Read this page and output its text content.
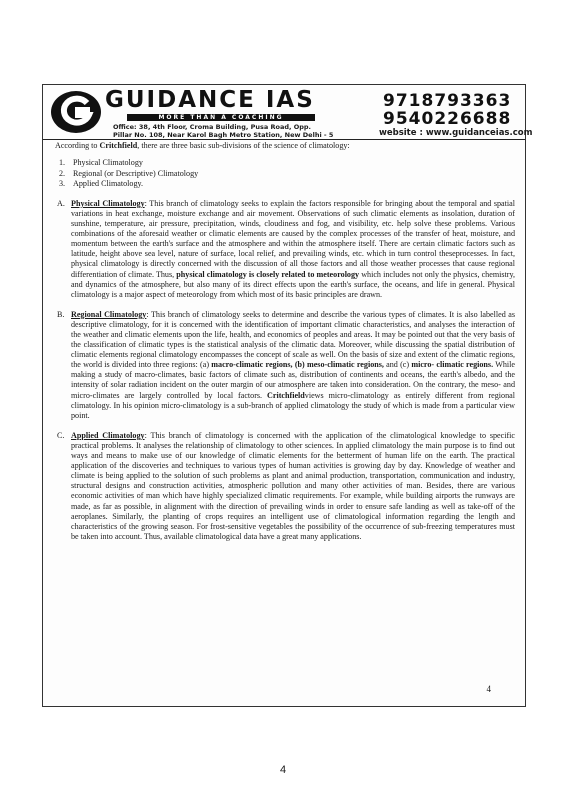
GUIDANCE IAS
MORE THAN A COACHING
Office: 38, 4th Floor, Croma Building, Pusa Road, Opp.
Pillar No. 108, Near Karol Bagh Metro Station, New Delhi - 5
9718793363
9540226688
website : www.guidanceias.com

According to Critchfield, there are three basic sub-divisions of the science of climatology:

1. Physical Climatology
2. Regional (or Descriptive) Climatology
3. Applied Climatology.
A. Physical Climatology: This branch of climatology seeks to explain the factors responsible for bringing about the temporal and spatial variations in heat exchange, moisture exchange and air movement. Observations of such climatic elements as insolation, duration of sunshine, temperature, air pressure, precipitation, winds, cloudiness and fog, and visibility, etc. help solve these problems. Various combinations of the aforesaid weather or climatic elements are caused by the complex processes of the transfer of heat, moisture, and momentum between the earth's surface and the atmosphere and within the atmosphere itself. There are certain climatic factors such as latitude, height above sea level, nature of surface, local relief, and prevailing winds, etc. which in turn control theseprocesses. In fact, physical climatology is directly concerned with the discussion of all those factors and all those weather processes that cause regional differentiation of climate. Thus, physical climatology is closely related to meteorology which includes not only the physics, chemistry, and dynamics of the atmosphere, but also many of its direct effects upon the earth's surface, the oceans, and life in general. Physical climatology is a major aspect of meteorology from which most of its basic principles are drawn.

B. Regional Climatology: This branch of climatology seeks to determine and describe the various types of climates. It is also labelled as descriptive climatology, for it is concerned with the identification of important climatic characteristics, and analyses the interaction of the weather and climatic elements upon the life, health, and economics of peoples and areas. It may be pointed out that the very basis of the classification of climatic types is the statistical analysis of the climatic data. Moreover, while discussing the spatial distribution of climatic elements regional climatology encompasses the concept of scale as well. On the basis of size and extent of the climatic regions, the world is divided into three regions: (a) macro-climatic regions, (b) meso-climatic regions, and (c) micro- climatic regions. While making a study of macro-climates, basic factors of climate such as, distribution of continents and oceans, the earth's albedo, and the intensity of solar radiation incident on the outer margin of our atmosphere are taken into consideration. On the contrary, the meso- and micro-climates are largely controlled by local factors. Critchfieldviews micro-climatology as entirely different from regional climatology. In his opinion micro-climatology is a sub-branch of applied climatology the study of which is made from a particular view point.

C. Applied Climatology: This branch of climatology is concerned with the application of the climatological knowledge to specific practical problems. It analyses the relationship of climatology to other sciences. In applied climatology the main purpose is to find out ways and means to make use of our knowledge of climatic elements for the betterment of human life on the earth. The practical application of the discoveries and techniques to various types of human activities is growing day by day. Knowledge of weather and climate is being applied to the solution of such problems as plant and animal production, transportation, communication and industry, structural designs and construction activities, atmospheric pollution and many other activities of man. Besides, there are various economic activities of man which have highly specialized climatic requirements. For example, while building airports the runways are made, as far as possible, in alignment with the direction of prevailing winds in order to ensure safe landing as well as take-off of the aeroplanes. Similarly, the planting of crops requires an intelligent use of climatological information regarding the length and characteristics of the growing season. For frost-sensitive vegetables the possibility of the occurrence of sub-freezing temperatures must be taken into account. Thus, available climatological data have a great many applications.

4
4
